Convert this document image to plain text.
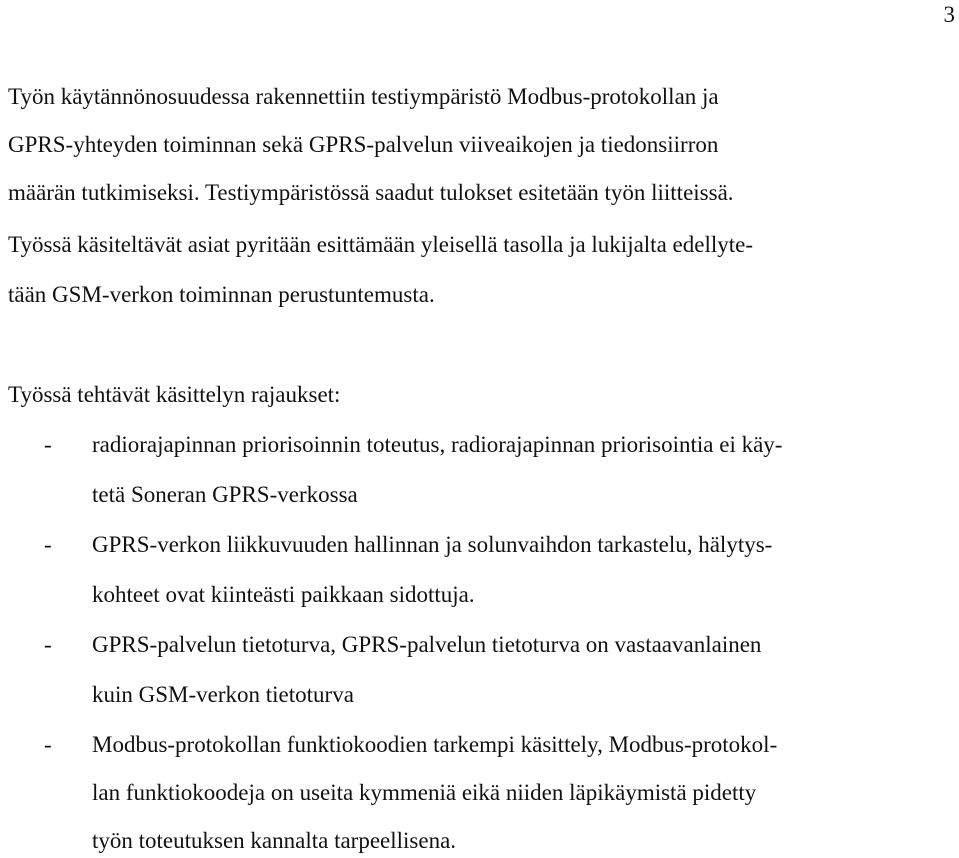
3
Työn käytännönosuudessa rakennettiin testiympäristö Modbus-protokollan ja
GPRS-yhteyden toiminnan sekä GPRS-palvelun viiveaikojen ja tiedonsiirron
määrän tutkimiseksi. Testiympäristössä saadut tulokset esitetään työn liitteissä.
Työssä käsiteltävät asiat pyritään esittämään yleisellä tasolla ja lukijalta edellyte-
tään GSM-verkon toiminnan perustuntemusta.
Työssä tehtävät käsittelyn rajaukset:
- radiorajapinnan priorisoinnin toteutus, radiorajapinnan priorisointia ei käy-
tetä Soneran GPRS-verkossa
- GPRS-verkon liikkuvuuden hallinnan ja solunvaihdon tarkastelu, hälytys-
kohteet ovat kiinteästi paikkaan sidottuja.
- GPRS-palvelun tietoturva, GPRS-palvelun tietoturva on vastaavanlainen
kuin GSM-verkon tietoturva
- Modbus-protokollan funktiokoodien tarkempi käsittely, Modbus-protokol-
lan funktiokoodeja on useita kymmeniä eikä niiden läpikäymistä pidetty
työn toteutuksen kannalta tarpeellisena.
